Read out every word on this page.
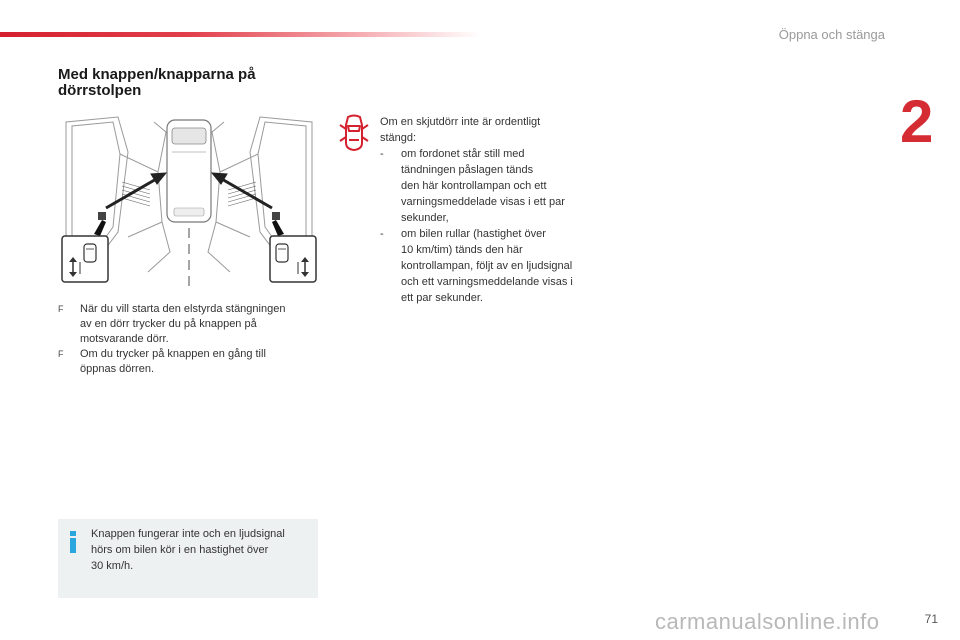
Öppna och stänga
2
Med knappen/knapparna på
dörrstolpen
F När du vill starta den elstyrda stängningen
av en dörr trycker du på knappen på
motsvarande dörr.
F Om du trycker på knappen en gång till
öppnas dörren.
Om en skjutdörr inte är ordentligt
stängd:
- om fordonet står still med
tändningen påslagen tänds
den här kontrollampan och ett
varningsmeddelade visas i ett par
sekunder,
- om bilen rullar (hastighet över
10 km/tim) tänds den här
kontrollampan, följt av en ljudsignal
och ett varningsmeddelande visas i
ett par sekunder.
Knappen fungerar inte och en ljudsignal
hörs om bilen kör i en hastighet över
30 km/h.
carmanualsonline.info	71
